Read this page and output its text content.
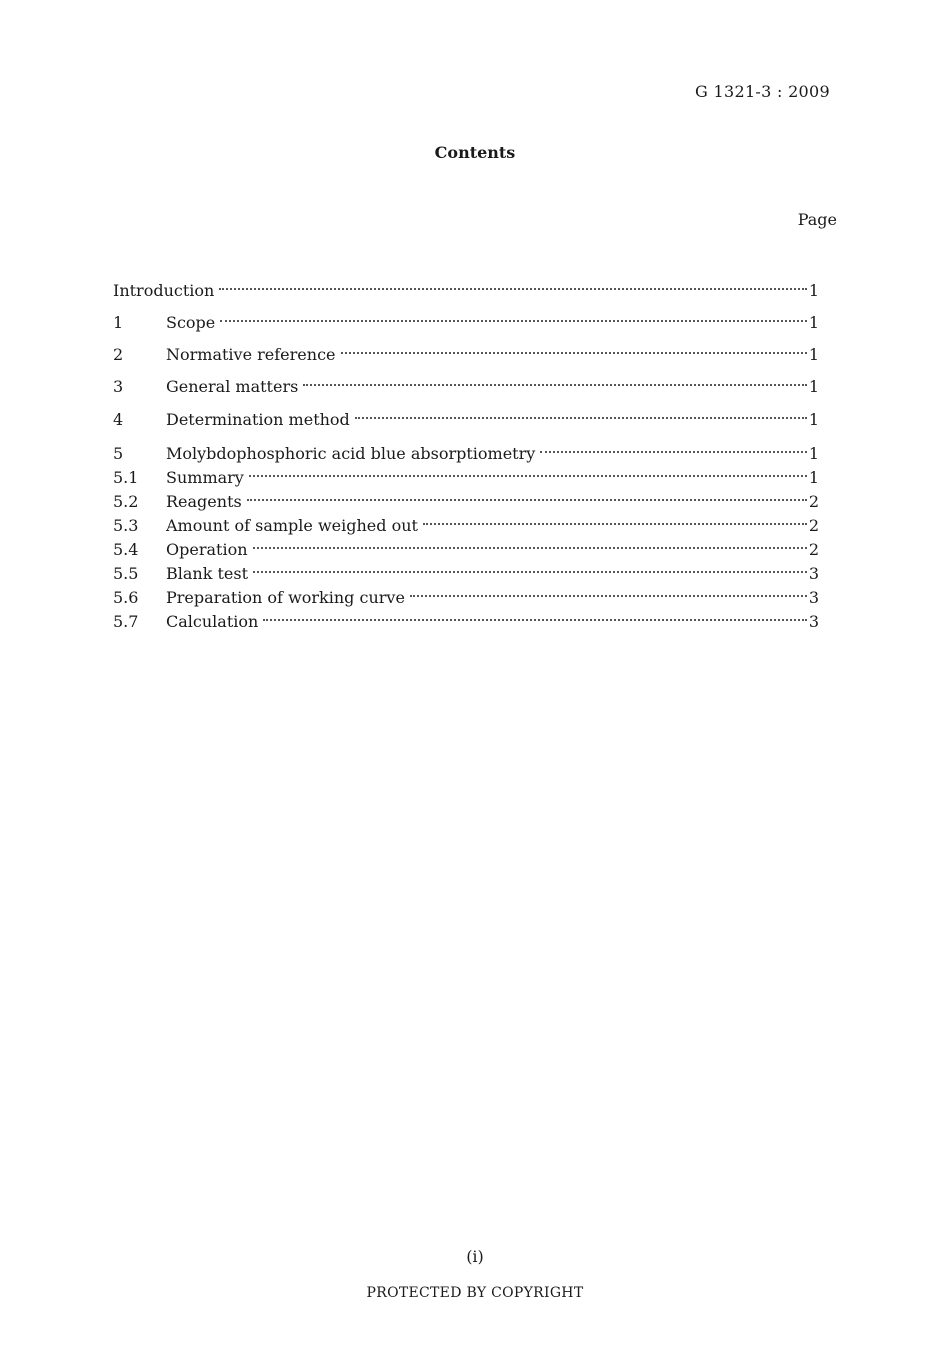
G 1321-3 : 2009
Contents
Page
Introduction	1
1	Scope	1
2	Normative reference	1
3	General matters	1
4	Determination method	1
5	Molybdophosphoric acid blue absorptiometry	1
5.1	Summary	1
5.2	Reagents	2
5.3	Amount of sample weighed out	2
5.4	Operation	2
5.5	Blank test	3
5.6	Preparation of working curve	3
5.7	Calculation	3
(i)
PROTECTED BY COPYRIGHT
